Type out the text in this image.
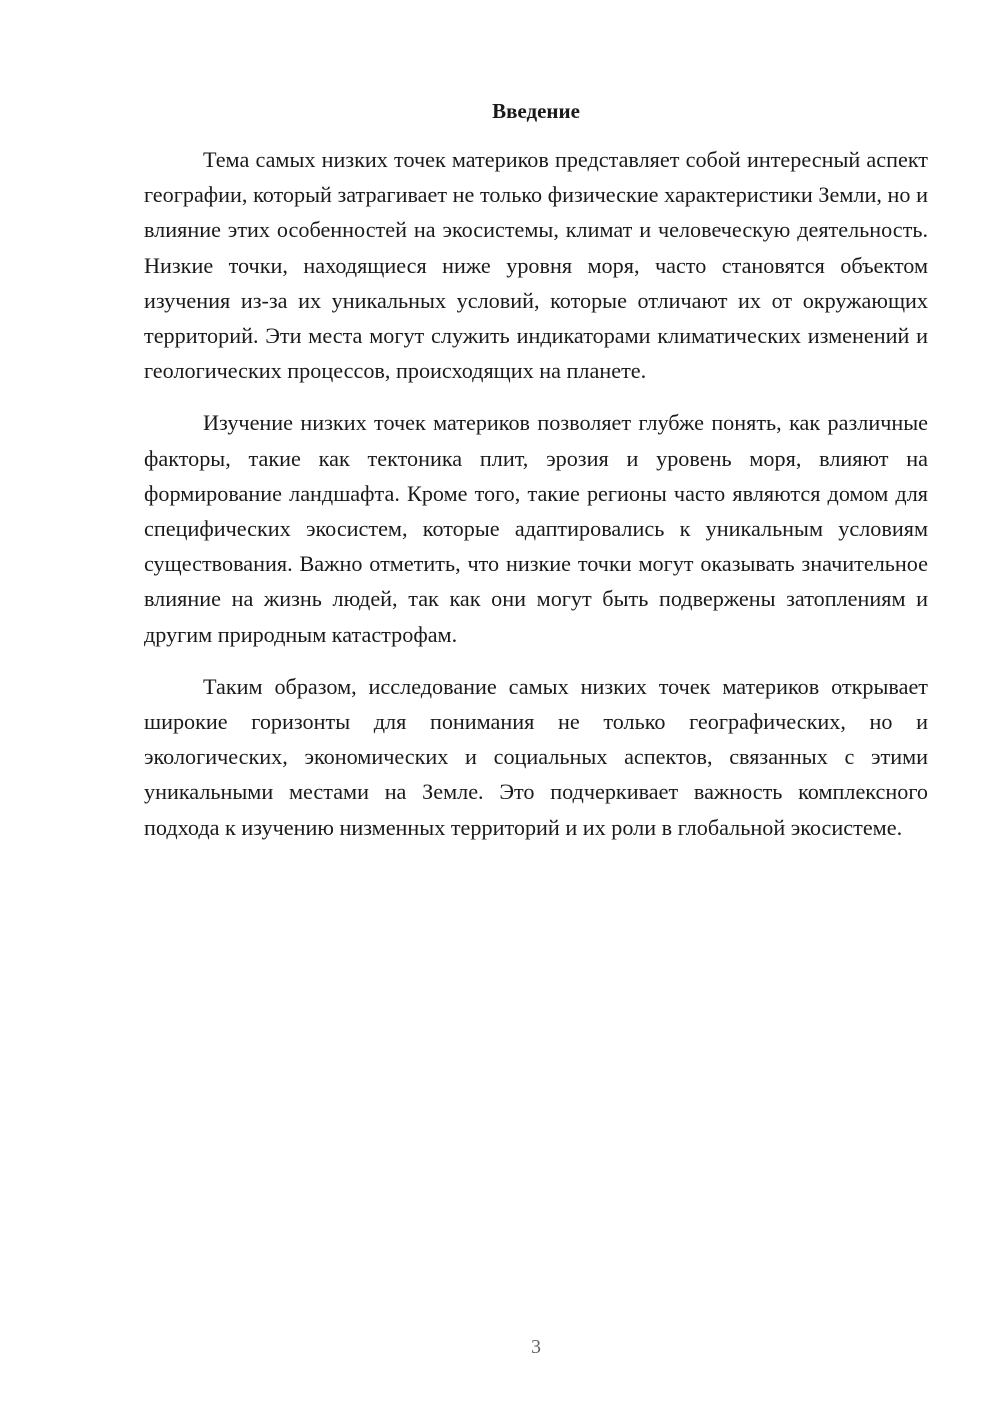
Введение

Тема самых низких точек материков представляет собой интересный аспект географии, который затрагивает не только физические характеристики Земли, но и влияние этих особенностей на экосистемы, климат и человеческую деятельность. Низкие точки, находящиеся ниже уровня моря, часто становятся объектом изучения из-за их уникальных условий, которые отличают их от окружающих территорий. Эти места могут служить индикаторами климатических изменений и геологических процессов, происходящих на планете.

Изучение низких точек материков позволяет глубже понять, как различные факторы, такие как тектоника плит, эрозия и уровень моря, влияют на формирование ландшафта. Кроме того, такие регионы часто являются домом для специфических экосистем, которые адаптировались к уникальным условиям существования. Важно отметить, что низкие точки могут оказывать значительное влияние на жизнь людей, так как они могут быть подвержены затоплениям и другим природным катастрофам.

Таким образом, исследование самых низких точек материков открывает широкие горизонты для понимания не только географических, но и экологических, экономических и социальных аспектов, связанных с этими уникальными местами на Земле. Это подчеркивает важность комплексного подхода к изучению низменных территорий и их роли в глобальной экосистеме.

3
